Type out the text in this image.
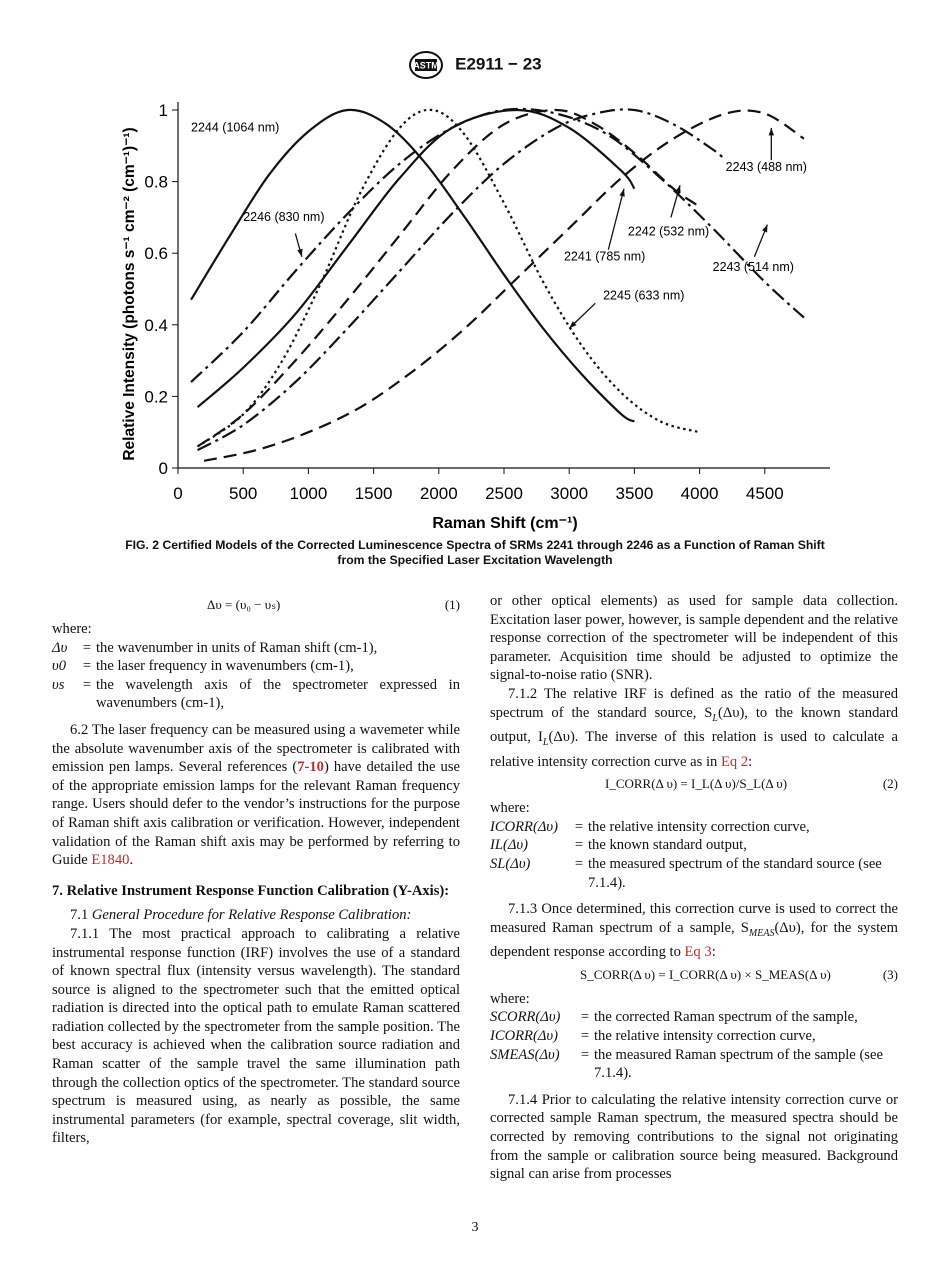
ASTM E2911 − 23
2244 (1064 nm)
2246 (830 nm)
2243 (488 nm)
2242 (532 nm)
2241 (785 nm)
2243 (514 nm)
2245 (633 nm)
0	500 1000 1500 2000 2500 3000 3500 4000 4500
0
0.2
0.4
0.6
0.8
1
Raman Shift (cm⁻¹)
Relative Intensity (photons s⁻¹ cm⁻² (cm⁻¹)⁻¹)
FIG. 2 Certified Models of the Corrected Luminescence Spectra of SRMs 2241 through 2246 as a Function of Raman Shift
from the Specified Laser Excitation Wavelength
Δυ = (υ₀ − υₛ)	(1)
where:
Δυ	= the wavenumber in units of Raman shift (cm-1),
υ0	= the laser frequency in wavenumbers (cm-1),
υs	= the wavelength axis of the spectrometer expressed in wavenumbers (cm-1),

6.2 The laser frequency can be measured using a wavemeter while the absolute wavenumber axis of the spectrometer is calibrated with emission pen lamps. Several references (7-10) have detailed the use of the appropriate emission lamps for the relevant Raman frequency range. Users should defer to the vendor’s instructions for the purpose of Raman shift axis calibration or verification. However, independent validation of the Raman shift axis may be performed by referring to Guide E1840.

7. Relative Instrument Response Function Calibration (Y-Axis):

7.1 General Procedure for Relative Response Calibration:

7.1.1 The most practical approach to calibrating a relative instrumental response function (IRF) involves the use of a standard of known spectral flux (intensity versus wavelength). The standard source is aligned to the spectrometer such that the emitted optical radiation is directed into the optical path to emulate Raman scattered radiation collected by the spectrometer from the sample position. The best accuracy is achieved when the calibration source radiation and Raman scatter of the sample travel the same illumination path through the collection optics of the spectrometer. The standard source spectrum is measured using, as nearly as possible, the same instrumental parameters (for example, spectral coverage, slit width, filters,

or other optical elements) as used for sample data collection. Excitation laser power, however, is sample dependent and the relative response correction of the spectrometer will be independent of this parameter. Acquisition time should be adjusted to optimize the signal-to-noise ratio (SNR).

7.1.2 The relative IRF is defined as the ratio of the measured spectrum of the standard source, $S_L(\Delta\upsilon)$, to the known standard output, $I_L(\Delta\upsilon)$. The inverse of this relation is used to calculate a relative intensity correction curve as in Eq 2:

I_CORR(Δ υ) = I_L(Δ υ)/S_L(Δ υ)	(2)
where:
ICORR(Δυ)	= the relative intensity correction curve,
IL(Δυ)	= the known standard output,
SL(Δυ)	= the measured spectrum of the standard source (see 7.1.4).

7.1.3 Once determined, this correction curve is used to correct the measured Raman spectrum of a sample, $S_{MEAS}(\Delta\upsilon)$, for the system dependent response according to Eq 3:

S_CORR(Δ υ) = I_CORR(Δ υ) × S_MEAS(Δ υ)	(3)
where:
SCORR(Δυ)	= the corrected Raman spectrum of the sample,
ICORR(Δυ)	= the relative intensity correction curve,
SMEAS(Δυ)	= the measured Raman spectrum of the sample (see 7.1.4).

7.1.4 Prior to calculating the relative intensity correction curve or corrected sample Raman spectrum, the measured spectra should be corrected by removing contributions to the signal not originating from the sample or calibration source being measured. Background signal can arise from processes

3
